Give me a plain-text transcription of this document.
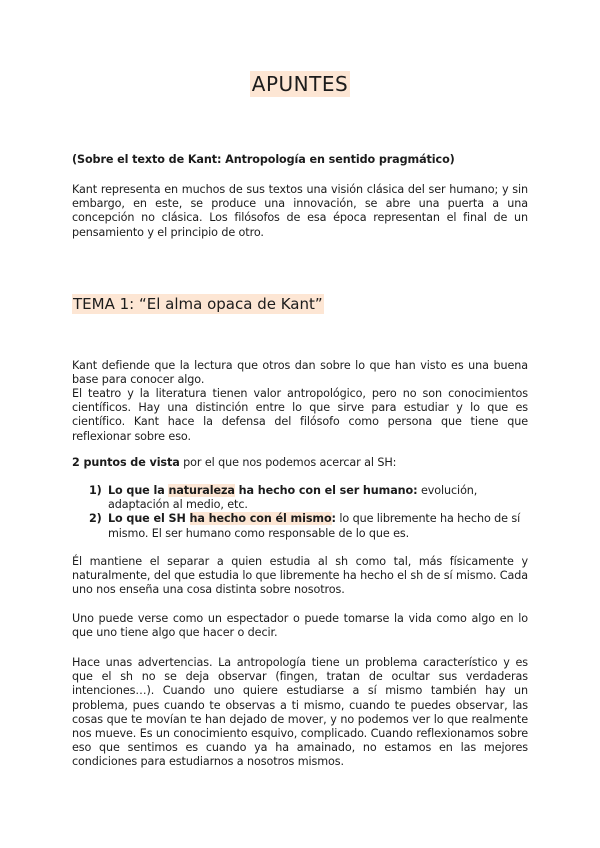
APUNTES
(Sobre el texto de Kant: Antropología en sentido pragmático)
Kant representa en muchos de sus textos una visión clásica del ser humano; y sin embargo, en este, se produce una innovación, se abre una puerta a una concepción no clásica. Los filósofos de esa época representan el final de un pensamiento y el principio de otro.
TEMA 1: “El alma opaca de Kant”
Kant defiende que la lectura que otros dan sobre lo que han visto es una buena base para conocer algo.
El teatro y la literatura tienen valor antropológico, pero no son conocimientos científicos. Hay una distinción entre lo que sirve para estudiar y lo que es científico. Kant hace la defensa del filósofo como persona que tiene que reflexionar sobre eso.
2 puntos de vista por el que nos podemos acercar al SH:
1) Lo que la naturaleza ha hecho con el ser humano: evolución, adaptación al medio, etc.
2) Lo que el SH ha hecho con él mismo: lo que libremente ha hecho de sí mismo. El ser humano como responsable de lo que es.
Él mantiene el separar a quien estudia al sh como tal, más físicamente y naturalmente, del que estudia lo que libremente ha hecho el sh de sí mismo. Cada uno nos enseña una cosa distinta sobre nosotros.
Uno puede verse como un espectador o puede tomarse la vida como algo en lo que uno tiene algo que hacer o decir.
Hace unas advertencias. La antropología tiene un problema característico y es que el sh no se deja observar (fingen, tratan de ocultar sus verdaderas intenciones…). Cuando uno quiere estudiarse a sí mismo también hay un problema, pues cuando te observas a ti mismo, cuando te puedes observar, las cosas que te movían te han dejado de mover, y no podemos ver lo que realmente nos mueve. Es un conocimiento esquivo, complicado. Cuando reflexionamos sobre eso que sentimos es cuando ya ha amainado, no estamos en las mejores condiciones para estudiarnos a nosotros mismos.
